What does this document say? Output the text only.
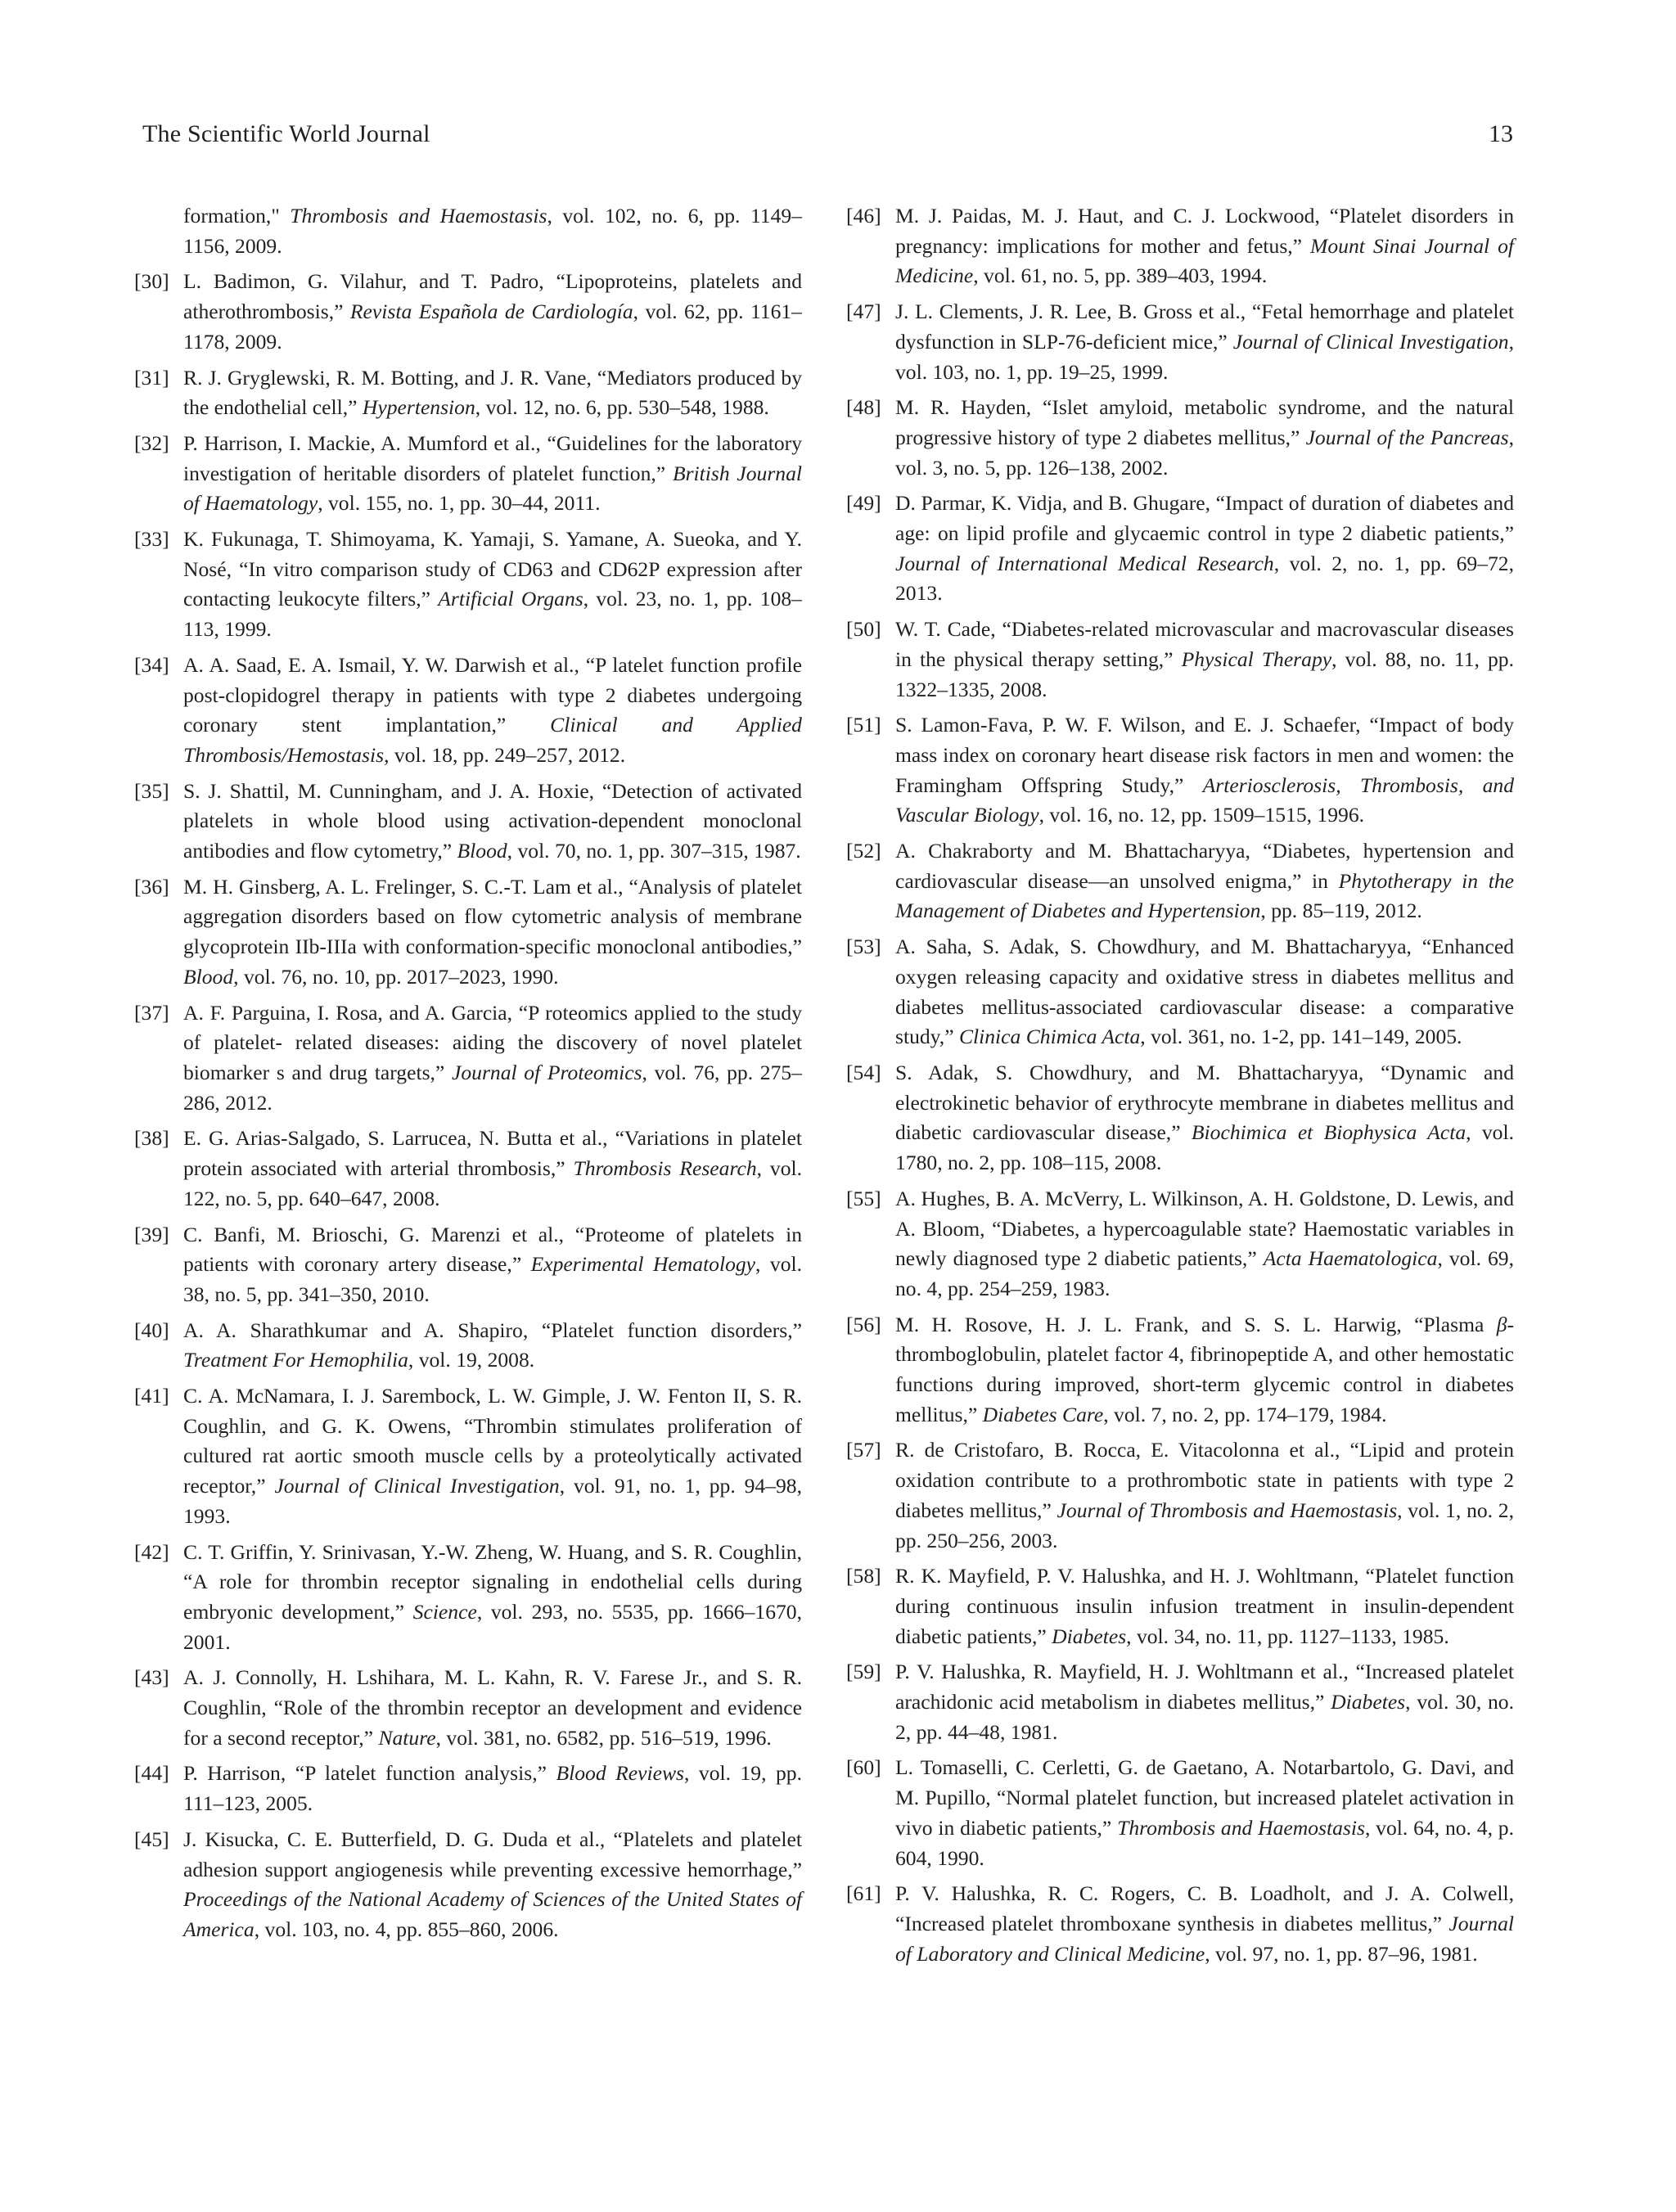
The Scientific World Journal	13
formation," Thrombosis and Haemostasis, vol. 102, no. 6, pp. 1149–1156, 2009.
[30] L. Badimon, G. Vilahur, and T. Padro, “Lipoproteins, platelets and atherothrombosis,” Revista Española de Cardiología, vol. 62, pp. 1161–1178, 2009.
[31] R. J. Gryglewski, R. M. Botting, and J. R. Vane, “Mediators produced by the endothelial cell,” Hypertension, vol. 12, no. 6, pp. 530–548, 1988.
[32] P. Harrison, I. Mackie, A. Mumford et al., “Guidelines for the laboratory investigation of heritable disorders of platelet function,” British Journal of Haematology, vol. 155, no. 1, pp. 30–44, 2011.
[33] K. Fukunaga, T. Shimoyama, K. Yamaji, S. Yamane, A. Sueoka, and Y. Nosé, “In vitro comparison study of CD63 and CD62P expression after contacting leukocyte filters,” Artificial Organs, vol. 23, no. 1, pp. 108–113, 1999.
[34] A. A. Saad, E. A. Ismail, Y. W. Darwish et al., “P latelet function profile post-clopidogrel therapy in patients with type 2 diabetes undergoing coronary stent implantation,” Clinical and Applied Thrombosis/Hemostasis, vol. 18, pp. 249–257, 2012.
[35] S. J. Shattil, M. Cunningham, and J. A. Hoxie, “Detection of activated platelets in whole blood using activation-dependent monoclonal antibodies and flow cytometry,” Blood, vol. 70, no. 1, pp. 307–315, 1987.
[36] M. H. Ginsberg, A. L. Frelinger, S. C.-T. Lam et al., “Analysis of platelet aggregation disorders based on flow cytometric analysis of membrane glycoprotein IIb-IIIa with conformation-specific monoclonal antibodies,” Blood, vol. 76, no. 10, pp. 2017–2023, 1990.
[37] A. F. Parguina, I. Rosa, and A. Garcia, “P roteomics applied to the study of platelet- related diseases: aiding the discovery of novel platelet biomarker s and drug targets,” Journal of Proteomics, vol. 76, pp. 275–286, 2012.
[38] E. G. Arias-Salgado, S. Larrucea, N. Butta et al., “Variations in platelet protein associated with arterial thrombosis,” Thrombosis Research, vol. 122, no. 5, pp. 640–647, 2008.
[39] C. Banfi, M. Brioschi, G. Marenzi et al., “Proteome of platelets in patients with coronary artery disease,” Experimental Hematology, vol. 38, no. 5, pp. 341–350, 2010.
[40] A. A. Sharathkumar and A. Shapiro, “Platelet function disorders,” Treatment For Hemophilia, vol. 19, 2008.
[41] C. A. McNamara, I. J. Sarembock, L. W. Gimple, J. W. Fenton II, S. R. Coughlin, and G. K. Owens, “Thrombin stimulates proliferation of cultured rat aortic smooth muscle cells by a proteolytically activated receptor,” Journal of Clinical Investigation, vol. 91, no. 1, pp. 94–98, 1993.
[42] C. T. Griffin, Y. Srinivasan, Y.-W. Zheng, W. Huang, and S. R. Coughlin, “A role for thrombin receptor signaling in endothelial cells during embryonic development,” Science, vol. 293, no. 5535, pp. 1666–1670, 2001.
[43] A. J. Connolly, H. Lshihara, M. L. Kahn, R. V. Farese Jr., and S. R. Coughlin, “Role of the thrombin receptor an development and evidence for a second receptor,” Nature, vol. 381, no. 6582, pp. 516–519, 1996.
[44] P. Harrison, “P latelet function analysis,” Blood Reviews, vol. 19, pp. 111–123, 2005.
[45] J. Kisucka, C. E. Butterfield, D. G. Duda et al., “Platelets and platelet adhesion support angiogenesis while preventing excessive hemorrhage,” Proceedings of the National Academy of Sciences of the United States of America, vol. 103, no. 4, pp. 855–860, 2006.
[46] M. J. Paidas, M. J. Haut, and C. J. Lockwood, “Platelet disorders in pregnancy: implications for mother and fetus,” Mount Sinai Journal of Medicine, vol. 61, no. 5, pp. 389–403, 1994.
[47] J. L. Clements, J. R. Lee, B. Gross et al., “Fetal hemorrhage and platelet dysfunction in SLP-76-deficient mice,” Journal of Clinical Investigation, vol. 103, no. 1, pp. 19–25, 1999.
[48] M. R. Hayden, “Islet amyloid, metabolic syndrome, and the natural progressive history of type 2 diabetes mellitus,” Journal of the Pancreas, vol. 3, no. 5, pp. 126–138, 2002.
[49] D. Parmar, K. Vidja, and B. Ghugare, “Impact of duration of diabetes and age: on lipid profile and glycaemic control in type 2 diabetic patients,” Journal of International Medical Research, vol. 2, no. 1, pp. 69–72, 2013.
[50] W. T. Cade, “Diabetes-related microvascular and macrovascular diseases in the physical therapy setting,” Physical Therapy, vol. 88, no. 11, pp. 1322–1335, 2008.
[51] S. Lamon-Fava, P. W. F. Wilson, and E. J. Schaefer, “Impact of body mass index on coronary heart disease risk factors in men and women: the Framingham Offspring Study,” Arteriosclerosis, Thrombosis, and Vascular Biology, vol. 16, no. 12, pp. 1509–1515, 1996.
[52] A. Chakraborty and M. Bhattacharyya, “Diabetes, hypertension and cardiovascular disease—an unsolved enigma,” in Phytotherapy in the Management of Diabetes and Hypertension, pp. 85–119, 2012.
[53] A. Saha, S. Adak, S. Chowdhury, and M. Bhattacharyya, “Enhanced oxygen releasing capacity and oxidative stress in diabetes mellitus and diabetes mellitus-associated cardiovascular disease: a comparative study,” Clinica Chimica Acta, vol. 361, no. 1-2, pp. 141–149, 2005.
[54] S. Adak, S. Chowdhury, and M. Bhattacharyya, “Dynamic and electrokinetic behavior of erythrocyte membrane in diabetes mellitus and diabetic cardiovascular disease,” Biochimica et Biophysica Acta, vol. 1780, no. 2, pp. 108–115, 2008.
[55] A. Hughes, B. A. McVerry, L. Wilkinson, A. H. Goldstone, D. Lewis, and A. Bloom, “Diabetes, a hypercoagulable state? Haemostatic variables in newly diagnosed type 2 diabetic patients,” Acta Haematologica, vol. 69, no. 4, pp. 254–259, 1983.
[56] M. H. Rosove, H. J. L. Frank, and S. S. L. Harwig, “Plasma β-thromboglobulin, platelet factor 4, fibrinopeptide A, and other hemostatic functions during improved, short-term glycemic control in diabetes mellitus,” Diabetes Care, vol. 7, no. 2, pp. 174–179, 1984.
[57] R. de Cristofaro, B. Rocca, E. Vitacolonna et al., “Lipid and protein oxidation contribute to a prothrombotic state in patients with type 2 diabetes mellitus,” Journal of Thrombosis and Haemostasis, vol. 1, no. 2, pp. 250–256, 2003.
[58] R. K. Mayfield, P. V. Halushka, and H. J. Wohltmann, “Platelet function during continuous insulin infusion treatment in insulin-dependent diabetic patients,” Diabetes, vol. 34, no. 11, pp. 1127–1133, 1985.
[59] P. V. Halushka, R. Mayfield, H. J. Wohltmann et al., “Increased platelet arachidonic acid metabolism in diabetes mellitus,” Diabetes, vol. 30, no. 2, pp. 44–48, 1981.
[60] L. Tomaselli, C. Cerletti, G. de Gaetano, A. Notarbartolo, G. Davi, and M. Pupillo, “Normal platelet function, but increased platelet activation in vivo in diabetic patients,” Thrombosis and Haemostasis, vol. 64, no. 4, p. 604, 1990.
[61] P. V. Halushka, R. C. Rogers, C. B. Loadholt, and J. A. Colwell, “Increased platelet thromboxane synthesis in diabetes mellitus,” Journal of Laboratory and Clinical Medicine, vol. 97, no. 1, pp. 87–96, 1981.
